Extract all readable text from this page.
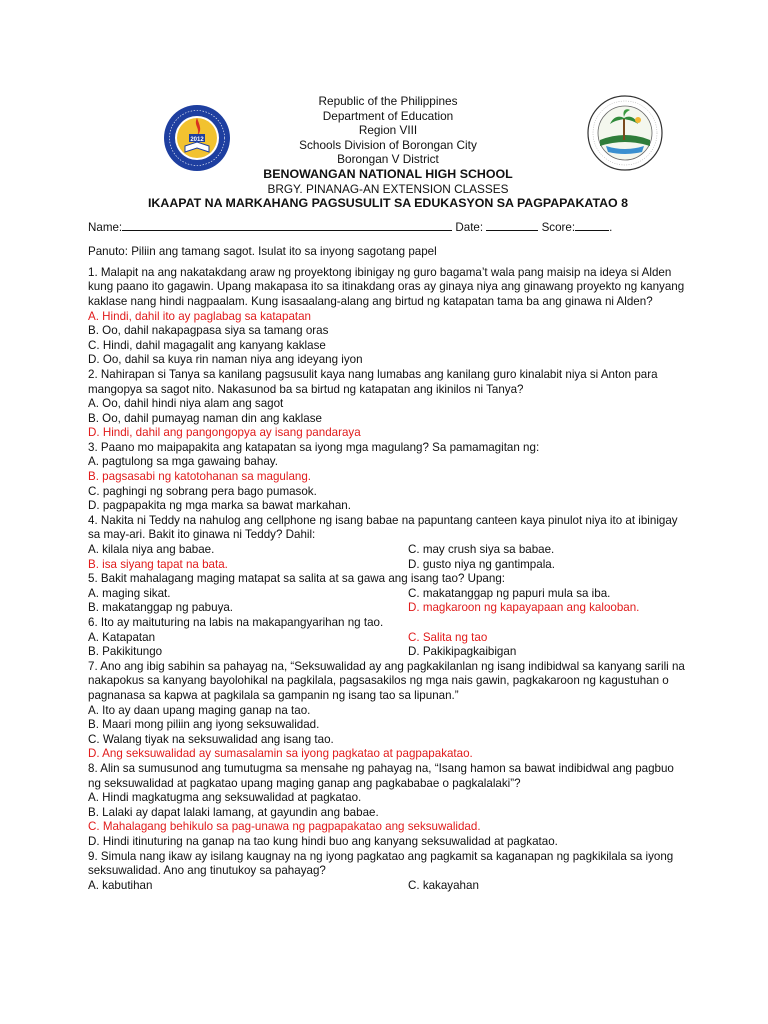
2012
Republic of the Philippines
Department of Education
Region VIII
Schools Division of Borongan City
Borongan V District
BENOWANGAN NATIONAL HIGH SCHOOL
BRGY. PINANAG-AN EXTENSION CLASSES
IKAAPAT NA MARKAHANG PAGSUSULIT SA EDUKASYON SA PAGPAPAKATAO 8
Name:	Date:	Score:	.
Panuto: Piliin ang tamang sagot. Isulat ito sa inyong sagotang papel
1. Malapit na ang nakatakdang araw ng proyektong ibinigay ng guro bagama’t wala pang maisip na ideya si Alden kung paano ito gagawin. Upang makapasa ito sa itinakdang oras ay ginaya niya ang ginawang proyekto ng kanyang kaklase nang hindi nagpaalam. Kung isasaalang-alang ang birtud ng katapatan tama ba ang ginawa ni Alden?
A. Hindi, dahil ito ay paglabag sa katapatan
B. Oo, dahil nakapagpasa siya sa tamang oras
C. Hindi, dahil magagalit ang kanyang kaklase
D. Oo, dahil sa kuya rin naman niya ang ideyang iyon
2. Nahirapan si Tanya sa kanilang pagsusulit kaya nang lumabas ang kanilang guro kinalabit niya si Anton para mangopya sa sagot nito. Nakasunod ba sa birtud ng katapatan ang ikinilos ni Tanya?
A. Oo, dahil hindi niya alam ang sagot
B. Oo, dahil pumayag naman din ang kaklase
D. Hindi, dahil ang pangongopya ay isang pandaraya
3. Paano mo maipapakita ang katapatan sa iyong mga magulang? Sa pamamagitan ng:
A. pagtulong sa mga gawaing bahay.
B. pagsasabi ng katotohanan sa magulang.
C. paghingi ng sobrang pera bago pumasok.
D. pagpapakita ng mga marka sa bawat markahan.
4. Nakita ni Teddy na nahulog ang cellphone ng isang babae na papuntang canteen kaya pinulot niya ito at ibinigay sa may-ari. Bakit ito ginawa ni Teddy? Dahil:
A. kilala niya ang babae.	C. may crush siya sa babae.
B. isa siyang tapat na bata.	D. gusto niya ng gantimpala.
5. Bakit mahalagang maging matapat sa salita at sa gawa ang isang tao? Upang:
A. maging sikat.	C. makatanggap ng papuri mula sa iba.
B. makatanggap ng pabuya.	D. magkaroon ng kapayapaan ang kalooban.
6. Ito ay maituturing na labis na makapangyarihan ng tao.
A. Katapatan	C. Salita ng tao
B. Pakikitungo	D. Pakikipagkaibigan
7. Ano ang ibig sabihin sa pahayag na, “Seksuwalidad ay ang pagkakilanlan ng isang indibidwal sa kanyang sarili na nakapokus sa kanyang bayolohikal na pagkilala, pagsasakilos ng mga nais gawin, pagkakaroon ng kagustuhan o pagnanasa sa kapwa at pagkilala sa gampanin ng isang tao sa lipunan.”
A. Ito ay daan upang maging ganap na tao.
B. Maari mong piliin ang iyong seksuwalidad.
C. Walang tiyak na seksuwalidad ang isang tao.
D. Ang seksuwalidad ay sumasalamin sa iyong pagkatao at pagpapakatao.
8. Alin sa sumusunod ang tumutugma sa mensahe ng pahayag na, “Isang hamon sa bawat indibidwal ang pagbuo ng seksuwalidad at pagkatao upang maging ganap ang pagkababae o pagkalalaki”?
A. Hindi magkatugma ang seksuwalidad at pagkatao.
B. Lalaki ay dapat lalaki lamang, at gayundin ang babae.
C. Mahalagang behikulo sa pag-unawa ng pagpapakatao ang seksuwalidad.
D. Hindi itinuturing na ganap na tao kung hindi buo ang kanyang seksuwalidad at pagkatao.
9. Simula nang ikaw ay isilang kaugnay na ng iyong pagkatao ang pagkamit sa kaganapan ng pagkikilala sa iyong seksuwalidad. Ano ang tinutukoy sa pahayag?
A. kabutihan	C. kakayahan
